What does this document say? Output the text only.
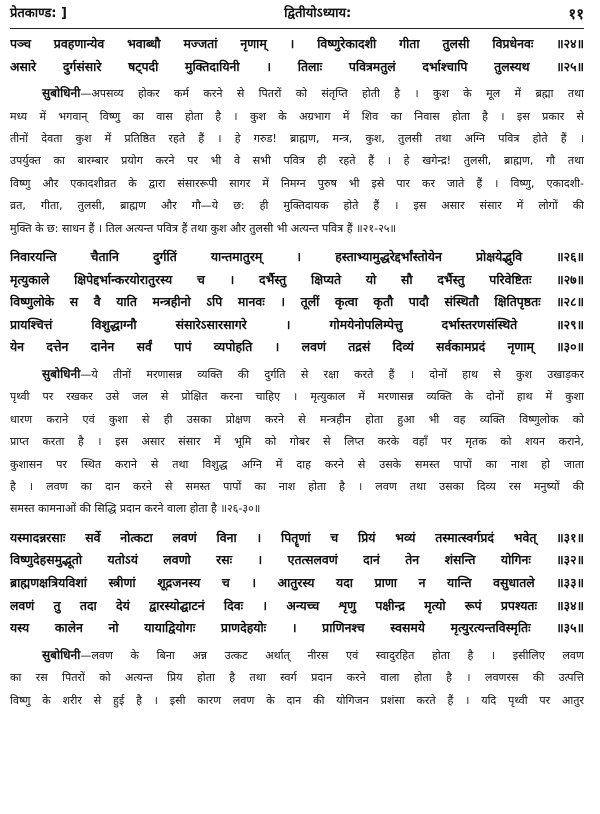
प्रेतकाण्ड: ]	द्वितीयोऽध्याय:	११
पञ्च प्रवहणान्येव भवाब्धौ मज्जतां नृणाम् । विष्णुरेकादशी गीता तुलसी विप्रधेनवः ॥२४॥
असारे दुर्गसंसारे षट्पदी मुक्तिदायिनी । तिलाः पवित्रमतुलं दर्भाश्चापि तुलस्यथ ॥२५॥
सुबोधिनी—अपसव्य होकर कर्म करने से पितरों को संतृप्ति होती है । कुश के मूल में ब्रह्मा तथा
मध्य में भगवान् विष्णु का वास होता है । कुश के अग्रभाग में शिव का निवास होता है । इस प्रकार से
तीनों देवता कुश में प्रतिष्ठित रहते हैं । हे गरुड! ब्राह्मण, मन्त्र, कुश, तुलसी तथा अग्नि पवित्र होते हैं ।
उपर्युक्त का बारम्बार प्रयोग करने पर भी वे सभी पवित्र ही रहते हैं । हे खगेन्द्र! तुलसी, ब्राह्मण, गौ तथा
विष्णु और एकादशीव्रत के द्वारा संसाररूपी सागर में निमग्न पुरुष भी इसे पार कर जाते हैं । विष्णु, एकादशी-
व्रत, गीता, तुलसी, ब्राह्मण और गौ—ये छ: ही मुक्तिदायक होते हैं । इस असार संसार में लोगों की
मुक्ति के छ: साधन हैं । तिल अत्यन्त पवित्र हैं तथा कुश और तुलसी भी अत्यन्त पवित्र हैं ॥२१-२५॥
निवारयन्ति चैतानि दुर्गतिं यान्तमातुरम् । हस्ताभ्यामुद्धरेद्दर्भांस्तोयेन प्रोक्षयेद्भुवि ॥२६॥
मृत्युकाले क्षिपेद्दर्भान्करयोरातुरस्य च । दर्भैस्तु क्षिप्यते यो सौ दर्भैस्तु परिवेष्टितः ॥२७॥
विष्णुलोके स वै याति मन्त्रहीनो ऽपि मानवः । तूलीं कृत्वा कृतौ पादौ संस्थितौ क्षितिपृष्ठतः ॥२८॥
प्रायश्चित्तं विशुद्धाग्नौ संसारेऽसारसागरे । गोमयेनोपलिम्पेत्तु दर्भास्तरणसंस्थिते ॥२९॥
येन दत्तेन दानेन सर्वं पापं व्यपोहति । लवणं तद्रसं दिव्यं सर्वकामप्रदं नृणाम् ॥३०॥
सुबोधिनी—ये तीनों मरणासन्न व्यक्ति की दुर्गति से रक्षा करते हैं । दोनों हाथ से कुश उखाड़कर
पृथ्वी पर रखकर उसे जल से प्रोक्षित करना चाहिए । मृत्युकाल में मरणासन्न व्यक्ति के दोनों हाथ में कुशा
धारण कराने एवं कुशा से ही उसका प्रोक्षण करने से मन्त्रहीन होता हुआ भी वह व्यक्ति विष्णुलोक को
प्राप्त करता है । इस असार संसार में भूमि को गोबर से लिप्त करके वहाँ पर मृतक को शयन कराने,
कुशासन पर स्थित कराने से तथा विशुद्ध अग्नि में दाह करने से उसके समस्त पापों का नाश हो जाता
है । लवण का दान करने से समस्त पापों का नाश होता है । लवण तथा उसका दिव्य रस मनुष्यों की
समस्त कामनाओं की सिद्धि प्रदान करने वाला होता है ॥२६-३०॥
यस्मादन्नरसाः सर्वे नोत्कटा लवणं विना । पितॄणां च प्रियं भव्यं तस्मात्स्वर्गप्रदं भवेत् ॥३१॥
विष्णुदेहसमुद्भूतो यतोऽयं लवणो रसः । एतत्सलवणं दानं तेन शंसन्ति योगिनः ॥३२॥
ब्राह्मणक्षत्रियविशां स्त्रीणां शूद्रजनस्य च । आतुरस्य यदा प्राणा न यान्ति वसुधातले ॥३३॥
लवणं तु तदा देयं द्वारस्योद्घाटनं दिवः । अन्यच्च शृणु पक्षीन्द्र मृत्यो रूपं प्रपश्यतः ॥३४॥
यस्य कालेन नो यायाद्वियोगः प्राणदेहयोः । प्राणिनश्च स्वसमये मृत्युरत्यन्तविस्मृतिः ॥३५॥
सुबोधिनी—लवण के बिना अन्न उत्कट अर्थात् नीरस एवं स्वादुरहित होता है । इसीलिए लवण
का रस पितरों को अत्यन्त प्रिय होता है तथा स्वर्ग प्रदान करने वाला होता है । लवणरस की उत्पत्ति
विष्णु के शरीर से हुई है । इसी कारण लवण के दान की योगिजन प्रशंसा करते हैं । यदि पृथ्वी पर आतुर
